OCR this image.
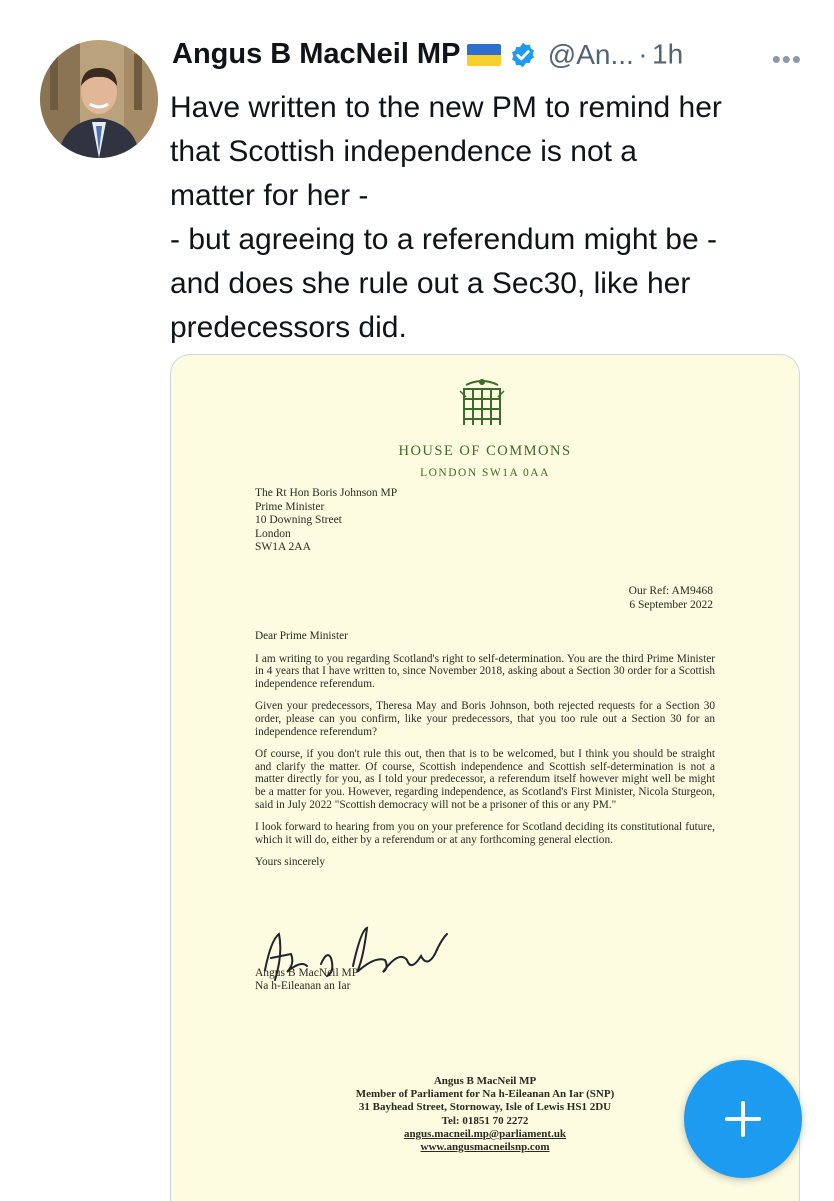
Angus B MacNeil MP	@An... · 1h	•••
Have written to the new PM to remind her
that Scottish independence is not a
matter for her -
- but agreeing to a referendum might be -
and does she rule out a Sec30, like her
predecessors did.
HOUSE OF COMMONS
LONDON SW1A 0AA
The Rt Hon Boris Johnson MP
Prime Minister
10 Downing Street
London
SW1A 2AA
Our Ref: AM9468
6 September 2022

Dear Prime Minister

I am writing to you regarding Scotland's right to self-determination. You are the third Prime Minister in 4 years that I have written to, since November 2018, asking about a Section 30 order for a Scottish independence referendum.

Given your predecessors, Theresa May and Boris Johnson, both rejected requests for a Section 30 order, please can you confirm, like your predecessors, that you too rule out a Section 30 for an independence referendum?

Of course, if you don't rule this out, then that is to be welcomed, but I think you should be straight and clarify the matter. Of course, Scottish independence and Scottish self-determination is not a matter directly for you, as I told your predecessor, a referendum itself however might well be might be a matter for you. However, regarding independence, as Scotland's First Minister, Nicola Sturgeon, said in July 2022 "Scottish democracy will not be a prisoner of this or any PM."

I look forward to hearing from you on your preference for Scotland deciding its constitutional future, which it will do, either by a referendum or at any forthcoming general election.

Yours sincerely

Angus B MacNeil MP
Na h-Eileanan an Iar
Angus B MacNeil MP
Member of Parliament for Na h-Eileanan An Iar (SNP)
31 Bayhead Street, Stornoway, Isle of Lewis HS1 2DU
Tel: 01851 70 2272
angus.macneil.mp@parliament.uk
www.angusmacneilsnp.com
